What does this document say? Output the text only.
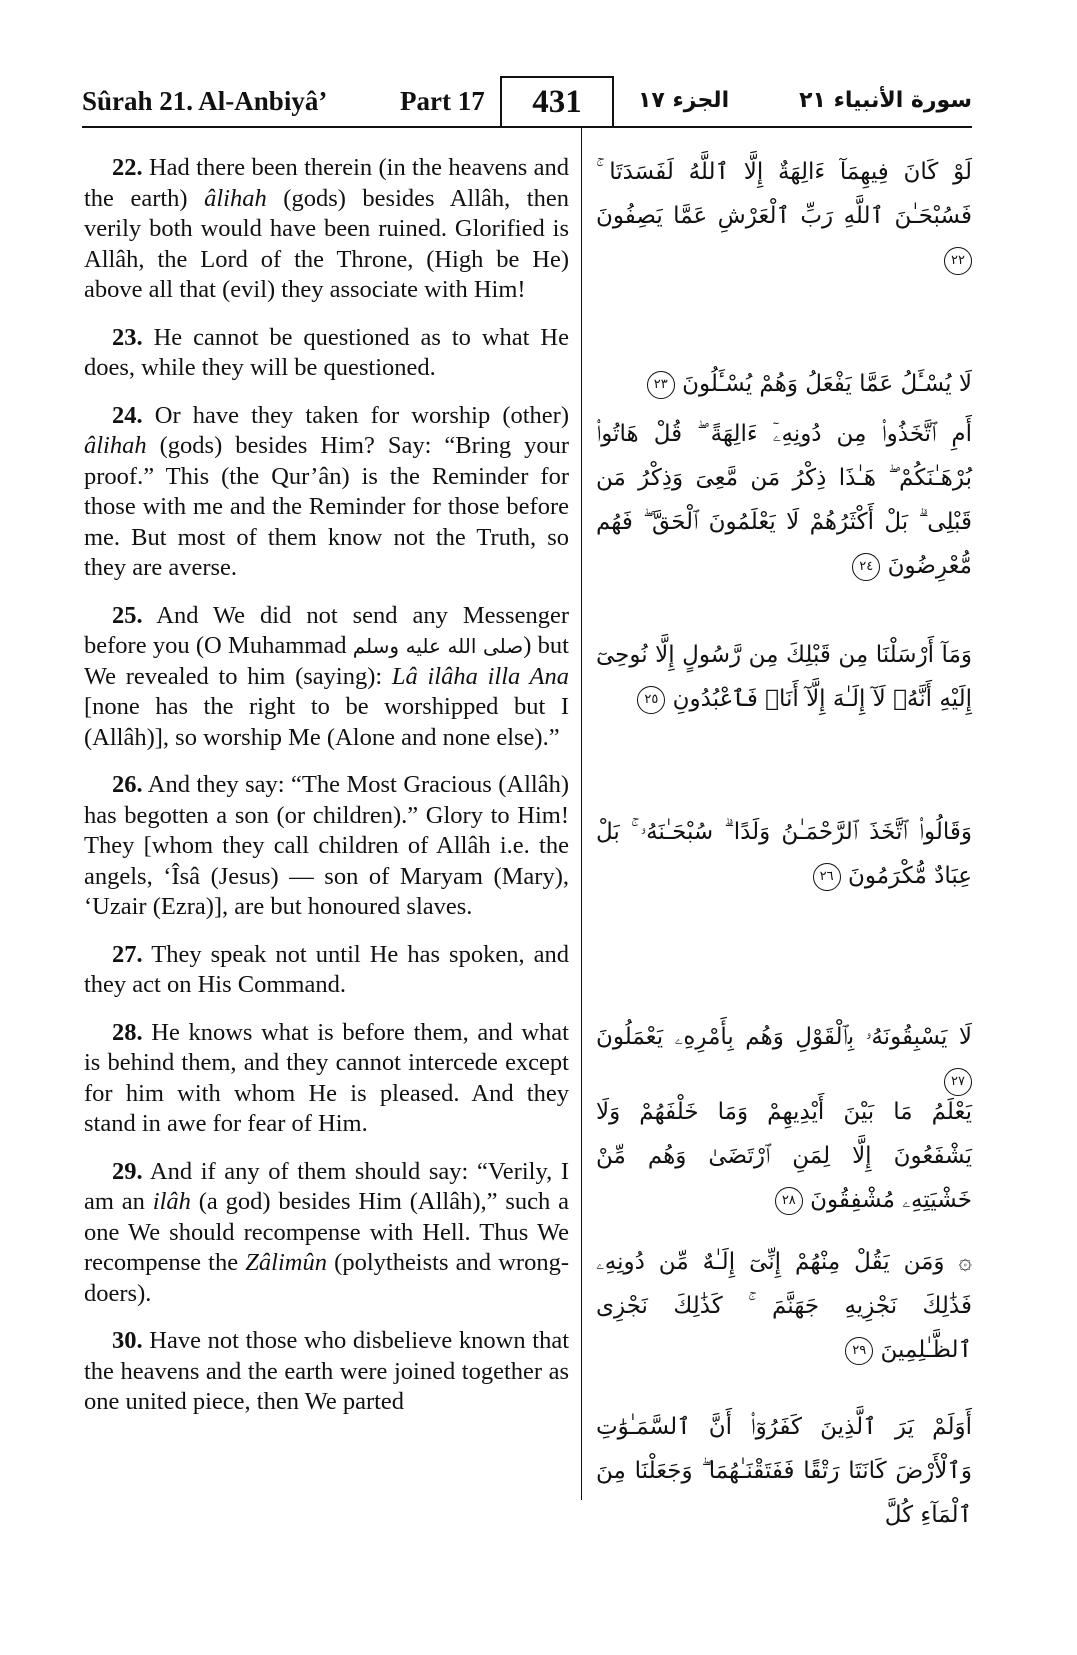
Sûrah 21. Al-Anbiyâ’	Part 17 431	الجزء ١٧	سورة الأنبياء ٢١

22. Had there been therein (in the heavens and the earth) âlihah (gods) besides Allâh, then verily both would have been ruined. Glorified is Allâh, the Lord of the Throne, (High be He) above all that (evil) they associate with Him!

23. He cannot be questioned as to what He does, while they will be questioned.

24. Or have they taken for worship (other) âlihah (gods) besides Him? Say: “Bring your proof.” This (the Qur’ân) is the Reminder for those with me and the Reminder for those before me. But most of them know not the Truth, so they are averse.

25. And We did not send any Messenger before you (O Muhammad صلى الله عليه وسلم) but We revealed to him (saying): Lâ ilâha illa Ana [none has the right to be worshipped but I (Allâh)], so worship Me (Alone and none else).”

26. And they say: “The Most Gracious (Allâh) has begotten a son (or children).” Glory to Him! They [whom they call children of Allâh i.e. the angels, ‘Îsâ (Jesus) — son of Maryam (Mary), ‘Uzair (Ezra)], are but honoured slaves.

27. They speak not until He has spoken, and they act on His Command.

28. He knows what is before them, and what is behind them, and they cannot intercede except for him with whom He is pleased. And they stand in awe for fear of Him.

29. And if any of them should say: “Verily, I am an ilâh (a god) besides Him (Allâh),” such a one We should recompense with Hell. Thus We recompense the Zâlimûn (polytheists and wrong-doers).

30. Have not those who disbelieve known that the heavens and the earth were joined together as one united piece, then We parted

لَوْ كَانَ فِيهِمَآ ءَالِهَةٌ إِلَّا ٱللَّهُ لَفَسَدَتَا ۚ فَسُبْحَـٰنَ ٱللَّهِ رَبِّ ٱلْعَرْشِ عَمَّا يَصِفُونَ ٢٢

لَا يُسْـَٔلُ عَمَّا يَفْعَلُ وَهُمْ يُسْـَٔلُونَ ٢٣

أَمِ ٱتَّخَذُوا۟ مِن دُونِهِۦٓ ءَالِهَةً ۖ قُلْ هَاتُوا۟ بُرْهَـٰنَكُمْ ۖ هَـٰذَا ذِكْرُ مَن مَّعِىَ وَذِكْرُ مَن قَبْلِى ۗ بَلْ أَكْثَرُهُمْ لَا يَعْلَمُونَ ٱلْحَقَّ ۖ فَهُم مُّعْرِضُونَ ٢٤

وَمَآ أَرْسَلْنَا مِن قَبْلِكَ مِن رَّسُولٍ إِلَّا نُوحِىٓ إِلَيْهِ أَنَّهُۥ لَآ إِلَـٰهَ إِلَّآ أَنَا۠ فَٱعْبُدُونِ ٢٥

وَقَالُوا۟ ٱتَّخَذَ ٱلرَّحْمَـٰنُ وَلَدًا ۗ سُبْحَـٰنَهُۥ ۚ بَلْ عِبَادٌ مُّكْرَمُونَ ٢٦

لَا يَسْبِقُونَهُۥ بِٱلْقَوْلِ وَهُم بِأَمْرِهِۦ يَعْمَلُونَ ٢٧

يَعْلَمُ مَا بَيْنَ أَيْدِيهِمْ وَمَا خَلْفَهُمْ وَلَا يَشْفَعُونَ إِلَّا لِمَنِ ٱرْتَضَىٰ وَهُم مِّنْ خَشْيَتِهِۦ مُشْفِقُونَ ٢٨

۞ وَمَن يَقُلْ مِنْهُمْ إِنِّىٓ إِلَـٰهٌ مِّن دُونِهِۦ فَذَٰلِكَ نَجْزِيهِ جَهَنَّمَ ۚ كَذَٰلِكَ نَجْزِى ٱلظَّـٰلِمِينَ ٢٩

أَوَلَمْ يَرَ ٱلَّذِينَ كَفَرُوٓا۟ أَنَّ ٱلسَّمَـٰوَٰتِ وَٱلْأَرْضَ كَانَتَا رَتْقًا فَفَتَقْنَـٰهُمَا ۖ وَجَعَلْنَا مِنَ ٱلْمَآءِ كُلَّ
